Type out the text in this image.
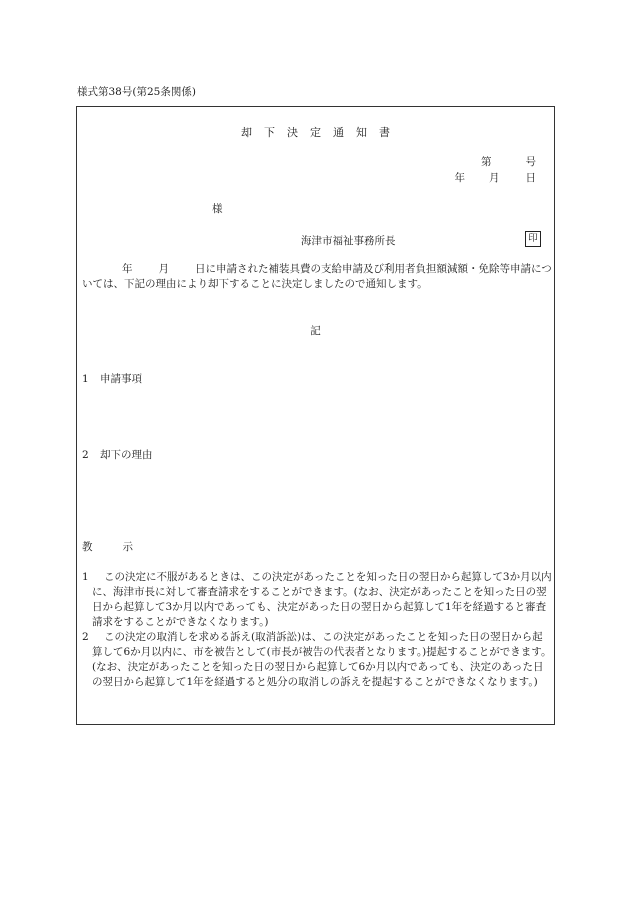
様式第38号(第25条関係)
却 下 決 定 通 知 書
第	号
年 月 日
様
海津市福祉事務所長	印
年 月 日に申請された補装具費の支給申請及び利用者負担額減額・免除等申請については、下記の理由により却下することに決定しましたので通知します。
記
1 申請事項
2 却下の理由
教	示
1	この決定に不服があるときは、この決定があったことを知った日の翌日から起算して3か月以内に、海津市長に対して審査請求をすることができます。(なお、決定があったことを知った日の翌日から起算して3か月以内であっても、決定があった日の翌日から起算して1年を経過すると審査請求をすることができなくなります。)
2	この決定の取消しを求める訴え(取消訴訟)は、この決定があったことを知った日の翌日から起算して6か月以内に、市を被告として(市長が被告の代表者となります。)提起することができます。(なお、決定があったことを知った日の翌日から起算して6か月以内であっても、決定のあった日の翌日から起算して1年を経過すると処分の取消しの訴えを提起することができなくなります。)
